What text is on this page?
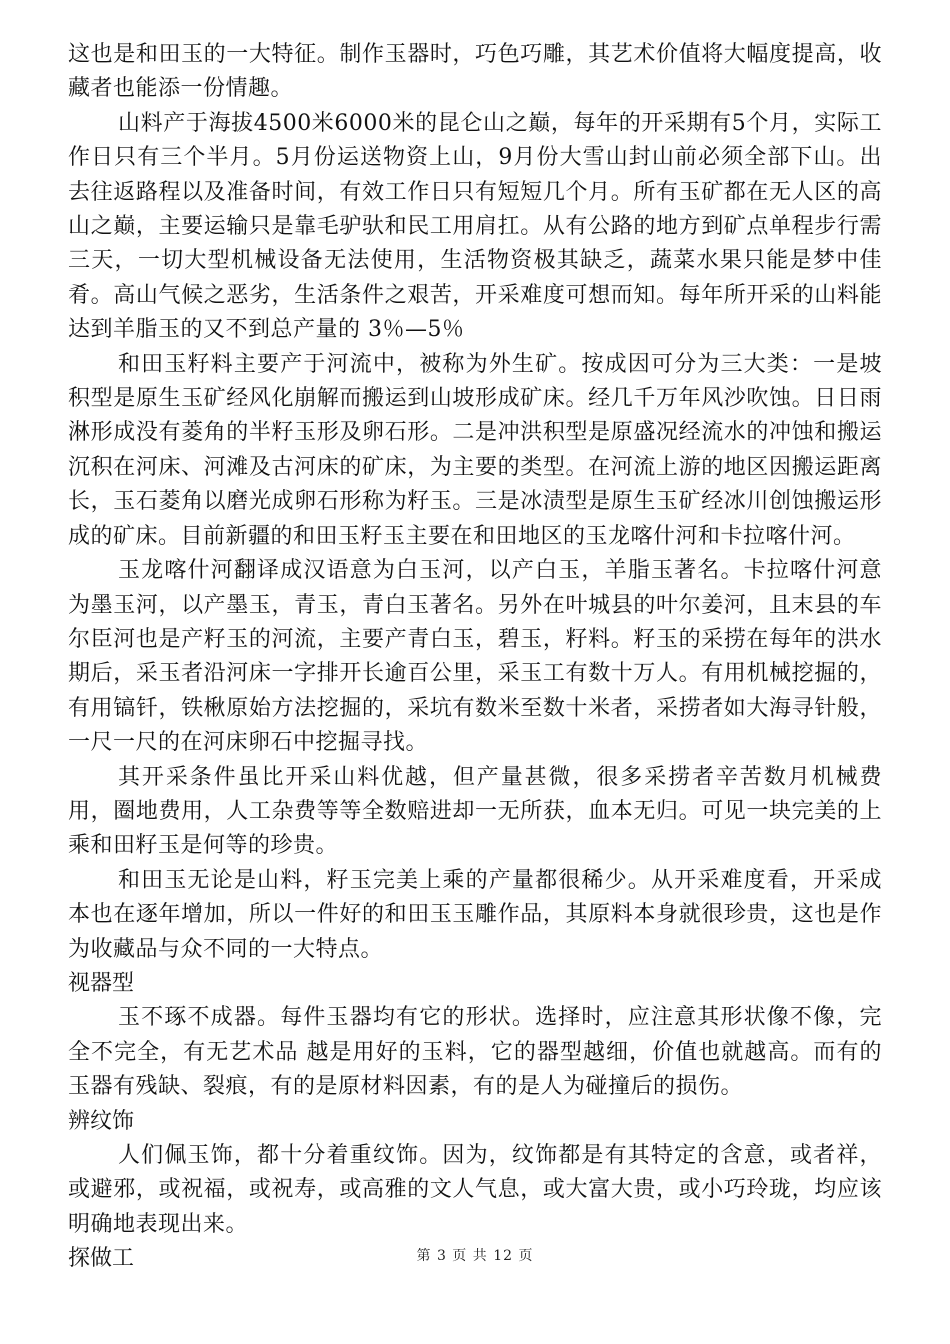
这也是和田玉的一大特征。制作玉器时，巧色巧雕，其艺术价值将大幅度提高，收藏者也能添一份情趣。

山料产于海拔4500米6000米的昆仑山之巅，每年的开采期有5个月，实际工作日只有三个半月。5月份运送物资上山，9月份大雪山封山前必须全部下山。出去往返路程以及准备时间，有效工作日只有短短几个月。所有玉矿都在无人区的高山之巅，主要运输只是靠毛驴驮和民工用肩扛。从有公路的地方到矿点单程步行需三天，一切大型机械设备无法使用，生活物资极其缺乏，蔬菜水果只能是梦中佳肴。高山气候之恶劣，生活条件之艰苦，开采难度可想而知。每年所开采的山料能达到羊脂玉的又不到总产量的 3％—5％

和田玉籽料主要产于河流中，被称为外生矿。按成因可分为三大类：一是坡积型是原生玉矿经风化崩解而搬运到山坡形成矿床。经几千万年风沙吹蚀。日日雨淋形成没有菱角的半籽玉形及卵石形。二是冲洪积型是原盛况经流水的冲蚀和搬运沉积在河床、河滩及古河床的矿床，为主要的类型。在河流上游的地区因搬运距离长，玉石菱角以磨光成卵石形称为籽玉。三是冰渍型是原生玉矿经冰川创蚀搬运形成的矿床。目前新疆的和田玉籽玉主要在和田地区的玉龙喀什河和卡拉喀什河。

玉龙喀什河翻译成汉语意为白玉河，以产白玉，羊脂玉著名。卡拉喀什河意为墨玉河，以产墨玉，青玉，青白玉著名。另外在叶城县的叶尔姜河，且末县的车尔臣河也是产籽玉的河流，主要产青白玉，碧玉，籽料。籽玉的采捞在每年的洪水期后，采玉者沿河床一字排开长逾百公里，采玉工有数十万人。有用机械挖掘的，有用镐钎，铁楸原始方法挖掘的，采坑有数米至数十米者，采捞者如大海寻针般，一尺一尺的在河床卵石中挖掘寻找。

其开采条件虽比开采山料优越，但产量甚微，很多采捞者辛苦数月机械费用，圈地费用，人工杂费等等全数赔进却一无所获，血本无归。可见一块完美的上乘和田籽玉是何等的珍贵。

和田玉无论是山料，籽玉完美上乘的产量都很稀少。从开采难度看，开采成本也在逐年增加，所以一件好的和田玉玉雕作品，其原料本身就很珍贵，这也是作为收藏品与众不同的一大特点。

视器型

玉不琢不成器。每件玉器均有它的形状。选择时，应注意其形状像不像，完全不完全，有无艺术品 越是用好的玉料，它的器型越细，价值也就越高。而有的玉器有残缺、裂痕，有的是原材料因素，有的是人为碰撞后的损伤。

辨纹饰

人们佩玉饰，都十分着重纹饰。因为，纹饰都是有其特定的含意，或者祥，或避邪，或祝福，或祝寿，或高雅的文人气息，或大富大贵，或小巧玲珑，均应该明确地表现出来。

探做工	第 3 页 共 12 页
